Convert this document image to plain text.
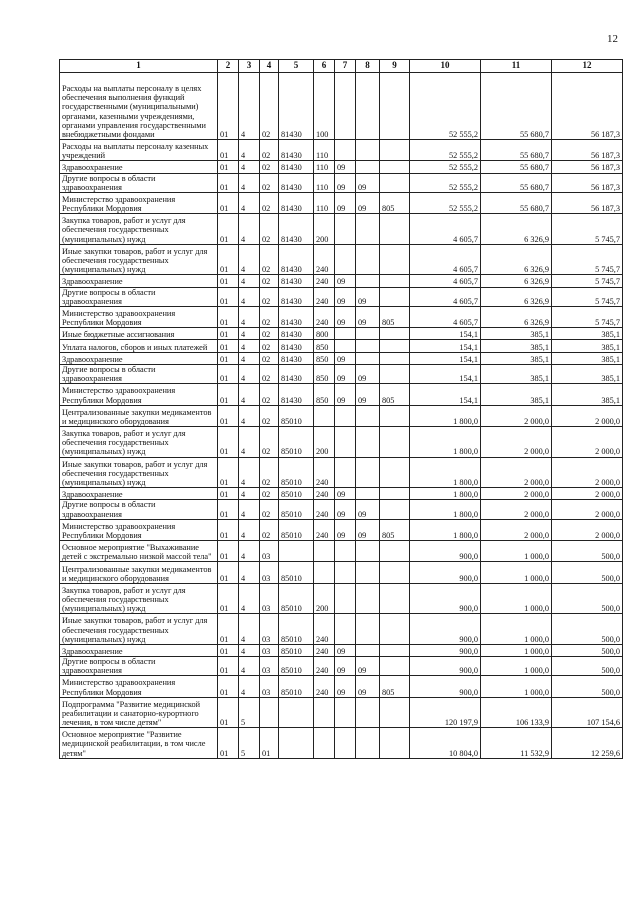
12
1	2	3	4	5	6	7	8	9	10	11	12
Расходы на выплаты персоналу в целях обеспечения выполнения функций государственными (муниципальными) органами, казенными учреждениями, органами управления государственными внебюджетными фондами	01	4	02	81430	100				52 555,2	55 680,7	56 187,3
Расходы на выплаты персоналу казенных учреждений	01	4	02	81430	110				52 555,2	55 680,7	56 187,3
Здравоохранение	01	4	02	81430	110	09			52 555,2	55 680,7	56 187,3
Другие вопросы в области здравоохранения	01	4	02	81430	110	09	09		52 555,2	55 680,7	56 187,3
Министерство здравоохранения Республики Мордовия	01	4	02	81430	110	09	09	805	52 555,2	55 680,7	56 187,3
Закупка товаров, работ и услуг для обеспечения государственных (муниципальных) нужд	01	4	02	81430	200				4 605,7	6 326,9	5 745,7
Иные закупки товаров, работ и услуг для обеспечения государственных (муниципальных) нужд	01	4	02	81430	240				4 605,7	6 326,9	5 745,7
Здравоохранение	01	4	02	81430	240	09			4 605,7	6 326,9	5 745,7
Другие вопросы в области здравоохранения	01	4	02	81430	240	09	09		4 605,7	6 326,9	5 745,7
Министерство здравоохранения Республики Мордовия	01	4	02	81430	240	09	09	805	4 605,7	6 326,9	5 745,7
Иные бюджетные ассигнования	01	4	02	81430	800				154,1	385,1	385,1
Уплата налогов, сборов и иных платежей	01	4	02	81430	850				154,1	385,1	385,1
Здравоохранение	01	4	02	81430	850	09			154,1	385,1	385,1
Другие вопросы в области здравоохранения	01	4	02	81430	850	09	09		154,1	385,1	385,1
Министерство здравоохранения Республики Мордовия	01	4	02	81430	850	09	09	805	154,1	385,1	385,1
Централизованные закупки медикаментов и медицинского оборудования	01	4	02	85010					1 800,0	2 000,0	2 000,0
Закупка товаров, работ и услуг для обеспечения государственных (муниципальных) нужд	01	4	02	85010	200				1 800,0	2 000,0	2 000,0
Иные закупки товаров, работ и услуг для обеспечения государственных (муниципальных) нужд	01	4	02	85010	240				1 800,0	2 000,0	2 000,0
Здравоохранение	01	4	02	85010	240	09			1 800,0	2 000,0	2 000,0
Другие вопросы в области здравоохранения	01	4	02	85010	240	09	09		1 800,0	2 000,0	2 000,0
Министерство здравоохранения Республики Мордовия	01	4	02	85010	240	09	09	805	1 800,0	2 000,0	2 000,0
Основное мероприятие "Выхаживание детей с экстремально низкой массой тела"	01	4	03						900,0	1 000,0	500,0
Централизованные закупки медикаментов и медицинского оборудования	01	4	03	85010					900,0	1 000,0	500,0
Закупка товаров, работ и услуг для обеспечения государственных (муниципальных) нужд	01	4	03	85010	200				900,0	1 000,0	500,0
Иные закупки товаров, работ и услуг для обеспечения государственных (муниципальных) нужд	01	4	03	85010	240				900,0	1 000,0	500,0
Здравоохранение	01	4	03	85010	240	09			900,0	1 000,0	500,0
Другие вопросы в области здравоохранения	01	4	03	85010	240	09	09		900,0	1 000,0	500,0
Министерство здравоохранения Республики Мордовия	01	4	03	85010	240	09	09	805	900,0	1 000,0	500,0
Подпрограмма "Развитие медицинской реабилитации и санаторно-курортного лечения, в том числе детям"	01	5							120 197,9	106 133,9	107 154,6
Основное мероприятие "Развитие медицинской реабилитации, в том числе детям"	01	5	01						10 804,0	11 532,9	12 259,6
